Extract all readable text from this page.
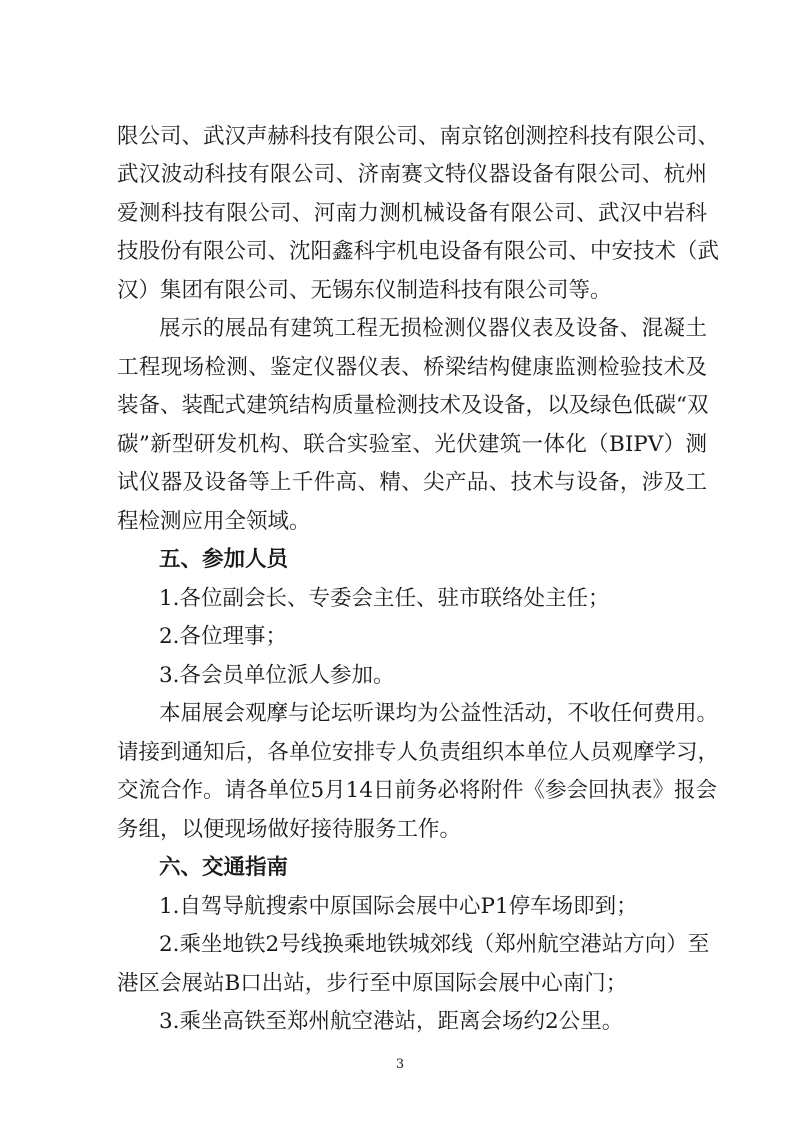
限公司、武汉声赫科技有限公司、南京铭创测控科技有限公司、
武汉波动科技有限公司、济南赛文特仪器设备有限公司、杭州
爱测科技有限公司、河南力测机械设备有限公司、武汉中岩科
技股份有限公司、沈阳鑫科宇机电设备有限公司、中安技术（武
汉）集团有限公司、无锡东仪制造科技有限公司等。
展示的展品有建筑工程无损检测仪器仪表及设备、混凝土
工程现场检测、鉴定仪器仪表、桥梁结构健康监测检验技术及
装备、装配式建筑结构质量检测技术及设备，以及绿色低碳“双
碳”新型研发机构、联合实验室、光伏建筑一体化（BIPV）测
试仪器及设备等上千件高、精、尖产品、技术与设备，涉及工
程检测应用全领域。
五、参加人员
1.各位副会长、专委会主任、驻市联络处主任；
2.各位理事；
3.各会员单位派人参加。
本届展会观摩与论坛听课均为公益性活动，不收任何费用。
请接到通知后，各单位安排专人负责组织本单位人员观摩学习，
交流合作。请各单位5月14日前务必将附件《参会回执表》报会
务组，以便现场做好接待服务工作。
六、交通指南
1.自驾导航搜索中原国际会展中心P1停车场即到；
2.乘坐地铁2号线换乘地铁城郊线（郑州航空港站方向）至
港区会展站B口出站，步行至中原国际会展中心南门；
3.乘坐高铁至郑州航空港站，距离会场约2公里。
3
